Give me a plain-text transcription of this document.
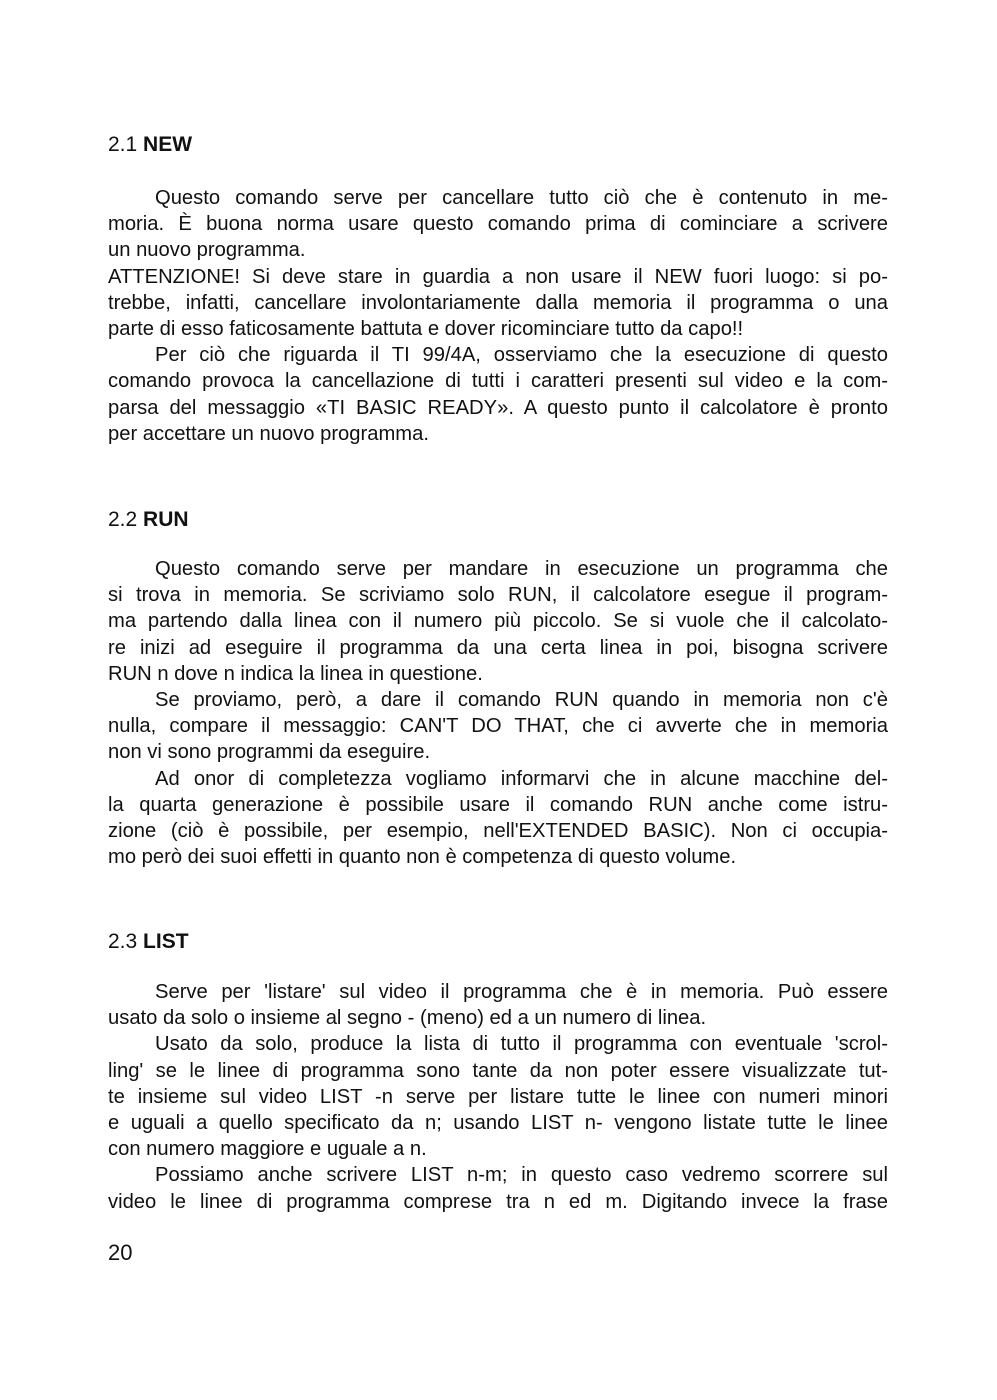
2.1 NEW
Questo comando serve per cancellare tutto ciò che è contenuto in me-
moria. È buona norma usare questo comando prima di cominciare a scrivere
un nuovo programma.
ATTENZIONE! Si deve stare in guardia a non usare il NEW fuori luogo: si po-
trebbe, infatti, cancellare involontariamente dalla memoria il programma o una
parte di esso faticosamente battuta e dover ricominciare tutto da capo!!
Per ciò che riguarda il TI 99/4A, osserviamo che la esecuzione di questo
comando provoca la cancellazione di tutti i caratteri presenti sul video e la com-
parsa del messaggio «TI BASIC READY». A questo punto il calcolatore è pronto
per accettare un nuovo programma.
2.2 RUN
Questo comando serve per mandare in esecuzione un programma che
si trova in memoria. Se scriviamo solo RUN, il calcolatore esegue il program-
ma partendo dalla linea con il numero più piccolo. Se si vuole che il calcolato-
re inizi ad eseguire il programma da una certa linea in poi, bisogna scrivere
RUN n dove n indica la linea in questione.
Se proviamo, però, a dare il comando RUN quando in memoria non c'è
nulla, compare il messaggio: CAN'T DO THAT, che ci avverte che in memoria
non vi sono programmi da eseguire.
Ad onor di completezza vogliamo informarvi che in alcune macchine del-
la quarta generazione è possibile usare il comando RUN anche come istru-
zione (ciò è possibile, per esempio, nell'EXTENDED BASIC). Non ci occupia-
mo però dei suoi effetti in quanto non è competenza di questo volume.
2.3 LIST
Serve per 'listare' sul video il programma che è in memoria. Può essere
usato da solo o insieme al segno - (meno) ed a un numero di linea.
Usato da solo, produce la lista di tutto il programma con eventuale 'scrol-
ling' se le linee di programma sono tante da non poter essere visualizzate tut-
te insieme sul video LIST -n serve per listare tutte le linee con numeri minori
e uguali a quello specificato da n; usando LIST n- vengono listate tutte le linee
con numero maggiore e uguale a n.
Possiamo anche scrivere LIST n-m; in questo caso vedremo scorrere sul
video le linee di programma comprese tra n ed m. Digitando invece la frase
20
